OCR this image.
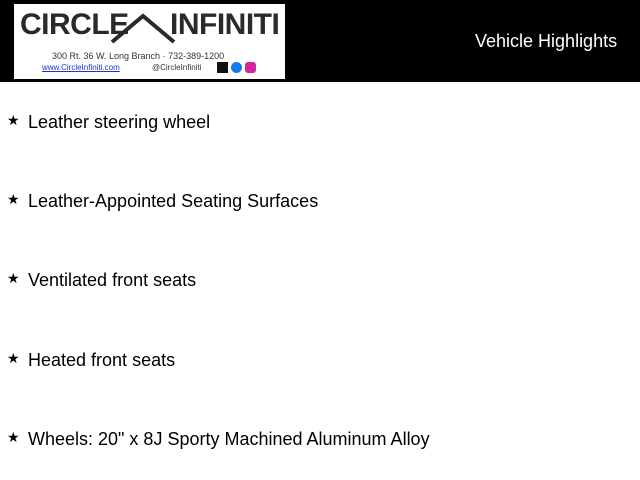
CIRCLE INFINITI
300 Rt. 36 W. Long Branch · 732-389-1200
www.CircleInfiniti.com	@CircleInfiniti
Vehicle Highlights
★ Leather steering wheel
★ Leather-Appointed Seating Surfaces
★ Ventilated front seats
★ Heated front seats
★ Wheels: 20" x 8J Sporty Machined Aluminum Alloy
